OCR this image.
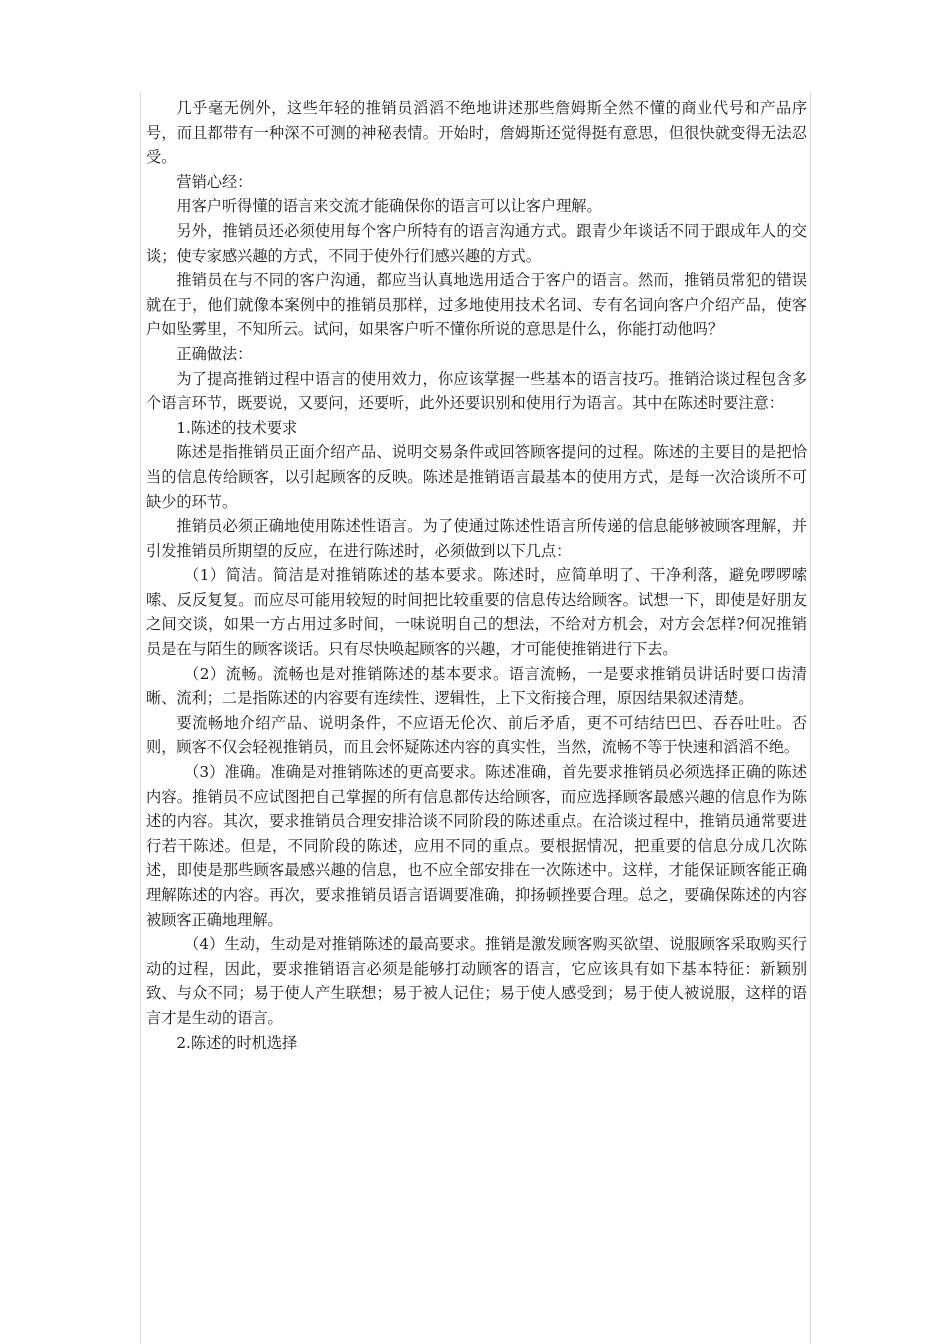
几乎毫无例外，这些年轻的推销员滔滔不绝地讲述那些詹姆斯全然不懂的商业代号和产品序号，而且都带有一种深不可测的神秘表情。开始时，詹姆斯还觉得挺有意思，但很快就变得无法忍受。

营销心经：

用客户听得懂的语言来交流才能确保你的语言可以让客户理解。

另外，推销员还必须使用每个客户所特有的语言沟通方式。跟青少年谈话不同于跟成年人的交谈；使专家感兴趣的方式，不同于使外行们感兴趣的方式。

推销员在与不同的客户沟通，都应当认真地选用适合于客户的语言。然而，推销员常犯的错误就在于，他们就像本案例中的推销员那样，过多地使用技术名词、专有名词向客户介绍产品，使客户如坠雾里，不知所云。试问，如果客户听不懂你所说的意思是什么，你能打动他吗？

正确做法：

为了提高推销过程中语言的使用效力，你应该掌握一些基本的语言技巧。推销洽谈过程包含多个语言环节，既要说，又要问，还要听，此外还要识别和使用行为语言。其中在陈述时要注意：

1.陈述的技术要求

陈述是指推销员正面介绍产品、说明交易条件或回答顾客提问的过程。陈述的主要目的是把恰当的信息传给顾客，以引起顾客的反映。陈述是推销语言最基本的使用方式，是每一次洽谈所不可缺少的环节。

推销员必须正确地使用陈述性语言。为了使通过陈述性语言所传递的信息能够被顾客理解，并引发推销员所期望的反应，在进行陈述时，必须做到以下几点：

（1）简洁。简洁是对推销陈述的基本要求。陈述时，应简单明了、干净利落，避免啰啰嗦嗦、反反复复。而应尽可能用较短的时间把比较重要的信息传达给顾客。试想一下，即使是好朋友之间交谈，如果一方占用过多时间，一味说明自己的想法，不给对方机会，对方会怎样?何况推销员是在与陌生的顾客谈话。只有尽快唤起顾客的兴趣，才可能使推销进行下去。

（2）流畅。流畅也是对推销陈述的基本要求。语言流畅，一是要求推销员讲话时要口齿清晰、流利；二是指陈述的内容要有连续性、逻辑性，上下文衔接合理，原因结果叙述清楚。

要流畅地介绍产品、说明条件，不应语无伦次、前后矛盾，更不可结结巴巴、吞吞吐吐。否则，顾客不仅会轻视推销员，而且会怀疑陈述内容的真实性，当然，流畅不等于快速和滔滔不绝。

（3）准确。准确是对推销陈述的更高要求。陈述准确，首先要求推销员必须选择正确的陈述内容。推销员不应试图把自己掌握的所有信息都传达给顾客，而应选择顾客最感兴趣的信息作为陈述的内容。其次，要求推销员合理安排洽谈不同阶段的陈述重点。在洽谈过程中，推销员通常要进行若干陈述。但是，不同阶段的陈述，应用不同的重点。要根据情况，把重要的信息分成几次陈述，即使是那些顾客最感兴趣的信息，也不应全部安排在一次陈述中。这样，才能保证顾客能正确理解陈述的内容。再次，要求推销员语言语调要准确，抑扬顿挫要合理。总之，要确保陈述的内容被顾客正确地理解。

（4）生动，生动是对推销陈述的最高要求。推销是激发顾客购买欲望、说服顾客采取购买行动的过程，因此，要求推销语言必须是能够打动顾客的语言，它应该具有如下基本特征：新颖别致、与众不同；易于使人产生联想；易于被人记住；易于使人感受到；易于使人被说服，这样的语言才是生动的语言。

2.陈述的时机选择
